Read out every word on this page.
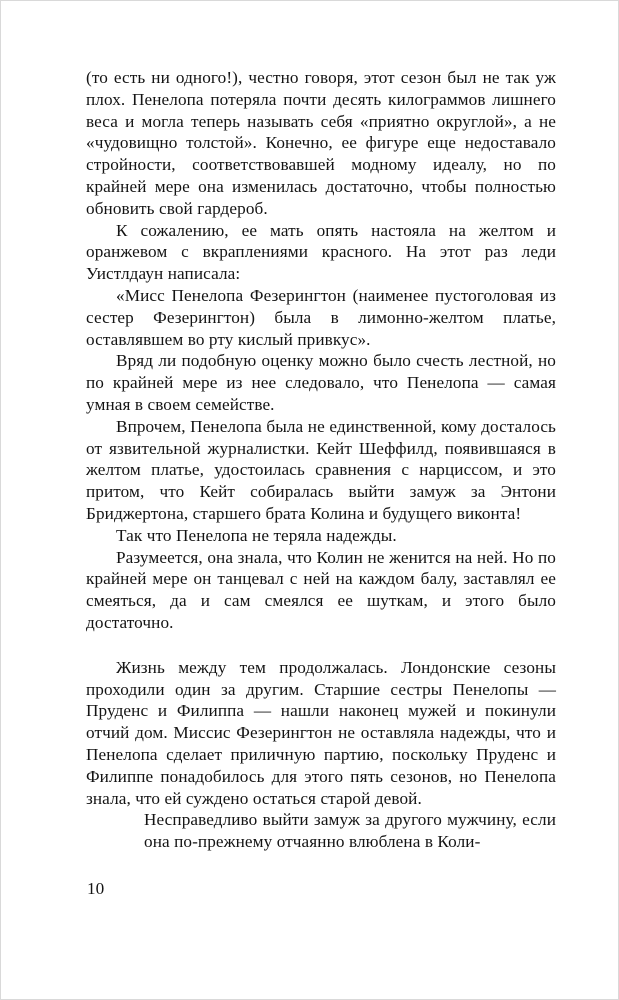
(то есть ни одного!), честно говоря, этот сезон был не так уж плох. Пенелопа потеряла почти десять килограммов лишнего веса и могла теперь называть себя «приятно округлой», а не «чудовищно толстой». Конечно, ее фигуре еще недоставало стройности, соответствовавшей модному идеалу, но по крайней мере она изменилась достаточно, чтобы полностью обновить свой гардероб.

К сожалению, ее мать опять настояла на желтом и оранжевом с вкраплениями красного. На этот раз леди Уистлдаун написала:

«Мисс Пенелопа Фезерингтон (наименее пустоголовая из сестер Фезерингтон) была в лимонно-желтом платье, оставлявшем во рту кислый привкус».

Вряд ли подобную оценку можно было счесть лестной, но по крайней мере из нее следовало, что Пенелопа — самая умная в своем семействе.

Впрочем, Пенелопа была не единственной, кому досталось от язвительной журналистки. Кейт Шеффилд, появившаяся в желтом платье, удостоилась сравнения с нарциссом, и это притом, что Кейт собиралась выйти замуж за Энтони Бриджертона, старшего брата Колина и будущего виконта!

Так что Пенелопа не теряла надежды.

Разумеется, она знала, что Колин не женится на ней. Но по крайней мере он танцевал с ней на каждом балу, заставлял ее смеяться, да и сам смеялся ее шуткам, и этого было достаточно.

Жизнь между тем продолжалась. Лондонские сезоны проходили один за другим. Старшие сестры Пенелопы — Пруденс и Филиппа — нашли наконец мужей и покинули отчий дом. Миссис Фезерингтон не оставляла надежды, что и Пенелопа сделает приличную партию, поскольку Пруденс и Филиппе понадобилось для этого пять сезонов, но Пенелопа знала, что ей суждено остаться старой девой.

Несправедливо выйти замуж за другого мужчину, если она по-прежнему отчаянно влюблена в Коли-

10
